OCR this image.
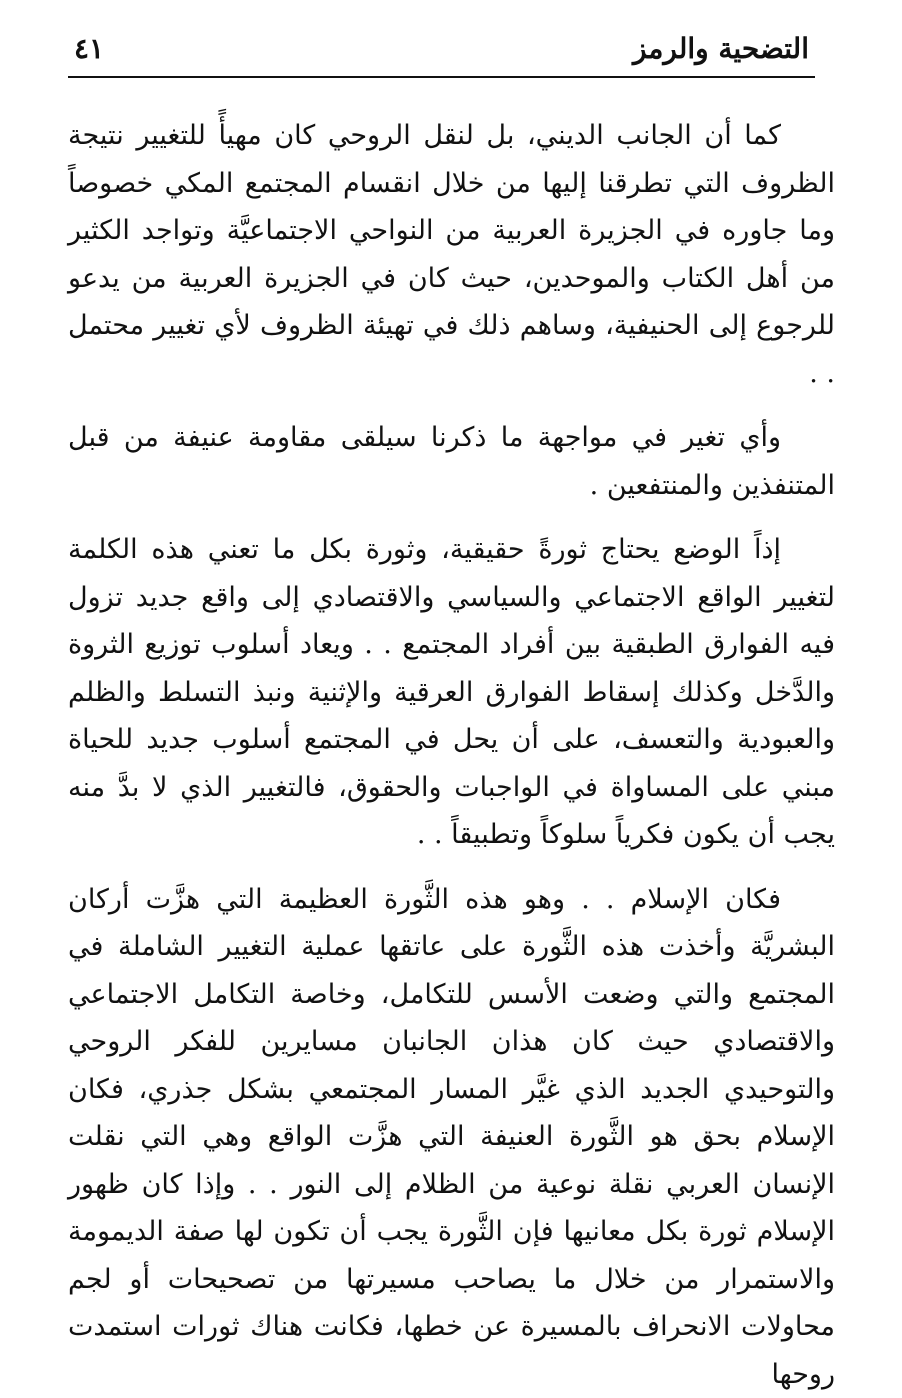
التضحية والرمز
٤١

كما أن الجانب الديني، بل لنقل الروحي كان مهيأً للتغيير نتيجة الظروف التي تطرقنا إليها من خلال انقسام المجتمع المكي خصوصاً وما جاوره في الجزيرة العربية من النواحي الاجتماعيَّة وتواجد الكثير من أهل الكتاب والموحدين، حيث كان في الجزيرة العربية من يدعو للرجوع إلى الحنيفية، وساهم ذلك في تهيئة الظروف لأي تغيير محتمل . .

وأي تغير في مواجهة ما ذكرنا سيلقى مقاومة عنيفة من قبل المتنفذين والمنتفعين .

إذاً الوضع يحتاج ثورةً حقيقية، وثورة بكل ما تعني هذه الكلمة لتغيير الواقع الاجتماعي والسياسي والاقتصادي إلى واقع جديد تزول فيه الفوارق الطبقية بين أفراد المجتمع . . ويعاد أسلوب توزيع الثروة والدَّخل وكذلك إسقاط الفوارق العرقية والإثنية ونبذ التسلط والظلم والعبودية والتعسف، على أن يحل في المجتمع أسلوب جديد للحياة مبني على المساواة في الواجبات والحقوق، فالتغيير الذي لا بدَّ منه يجب أن يكون فكرياً سلوكاً وتطبيقاً . .

فكان الإسلام . . وهو هذه الثَّورة العظيمة التي هزَّت أركان البشريَّة وأخذت هذه الثَّورة على عاتقها عملية التغيير الشاملة في المجتمع والتي وضعت الأسس للتكامل، وخاصة التكامل الاجتماعي والاقتصادي حيث كان هذان الجانبان مسايرين للفكر الروحي والتوحيدي الجديد الذي غيَّر المسار المجتمعي بشكل جذري، فكان الإسلام بحق هو الثَّورة العنيفة التي هزَّت الواقع وهي التي نقلت الإنسان العربي نقلة نوعية من الظلام إلى النور . . وإذا كان ظهور الإسلام ثورة بكل معانيها فإن الثَّورة يجب أن تكون لها صفة الديمومة والاستمرار من خلال ما يصاحب مسيرتها من تصحيحات أو لجم محاولات الانحراف بالمسيرة عن خطها، فكانت هناك ثورات استمدت روحها
